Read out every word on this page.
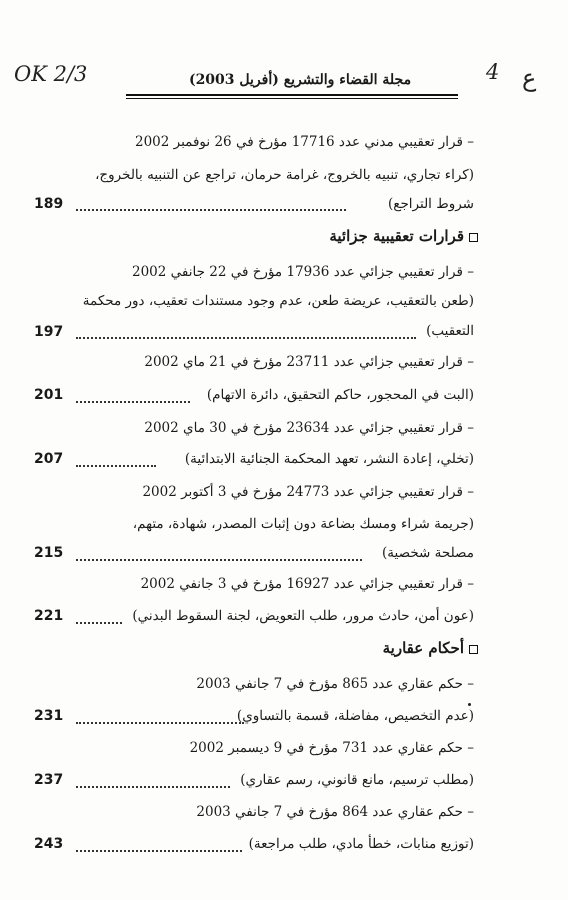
OK 2/3	4 ع
مجلة القضاء والتشريع (أفريل 2003)
– قرار تعقيبي مدني عدد 17716 مؤرخ في 26 نوفمبر 2002
(كراء تجاري، تنبيه بالخروج، غرامة حرمان، تراجع عن التنبيه بالخروج،
شروط التراجع)
189
قرارات تعقيبية جزائية
– قرار تعقيبي جزائي عدد 17936 مؤرخ في 22 جانفي 2002
(طعن بالتعقيب، عريضة طعن، عدم وجود مستندات تعقيب، دور محكمة
التعقيب)
197
– قرار تعقيبي جزائي عدد 23711 مؤرخ في 21 ماي 2002
(البت في المحجور، حاكم التحقيق، دائرة الاتهام)
201
– قرار تعقيبي جزائي عدد 23634 مؤرخ في 30 ماي 2002
(تخلي، إعادة النشر، تعهد المحكمة الجنائية الابتدائية)
207
– قرار تعقيبي جزائي عدد 24773 مؤرخ في 3 أكتوبر 2002
(جريمة شراء ومسك بضاعة دون إثبات المصدر، شهادة، متهم،
مصلحة شخصية)
215
– قرار تعقيبي جزائي عدد 16927 مؤرخ في 3 جانفي 2002
(عون أمن، حادث مرور، طلب التعويض، لجنة السقوط البدني)
221
أحكام عقارية
– حكم عقاري عدد 865 مؤرخ في 7 جانفي 2003
(عدم التخصيص، مفاضلة، قسمة بالتساوي)
231
– حكم عقاري عدد 731 مؤرخ في 9 ديسمبر 2002
(مطلب ترسيم، مانع قانوني، رسم عقاري)
237
– حكم عقاري عدد 864 مؤرخ في 7 جانفي 2003
(توزيع منابات، خطأ مادي، طلب مراجعة)
243
